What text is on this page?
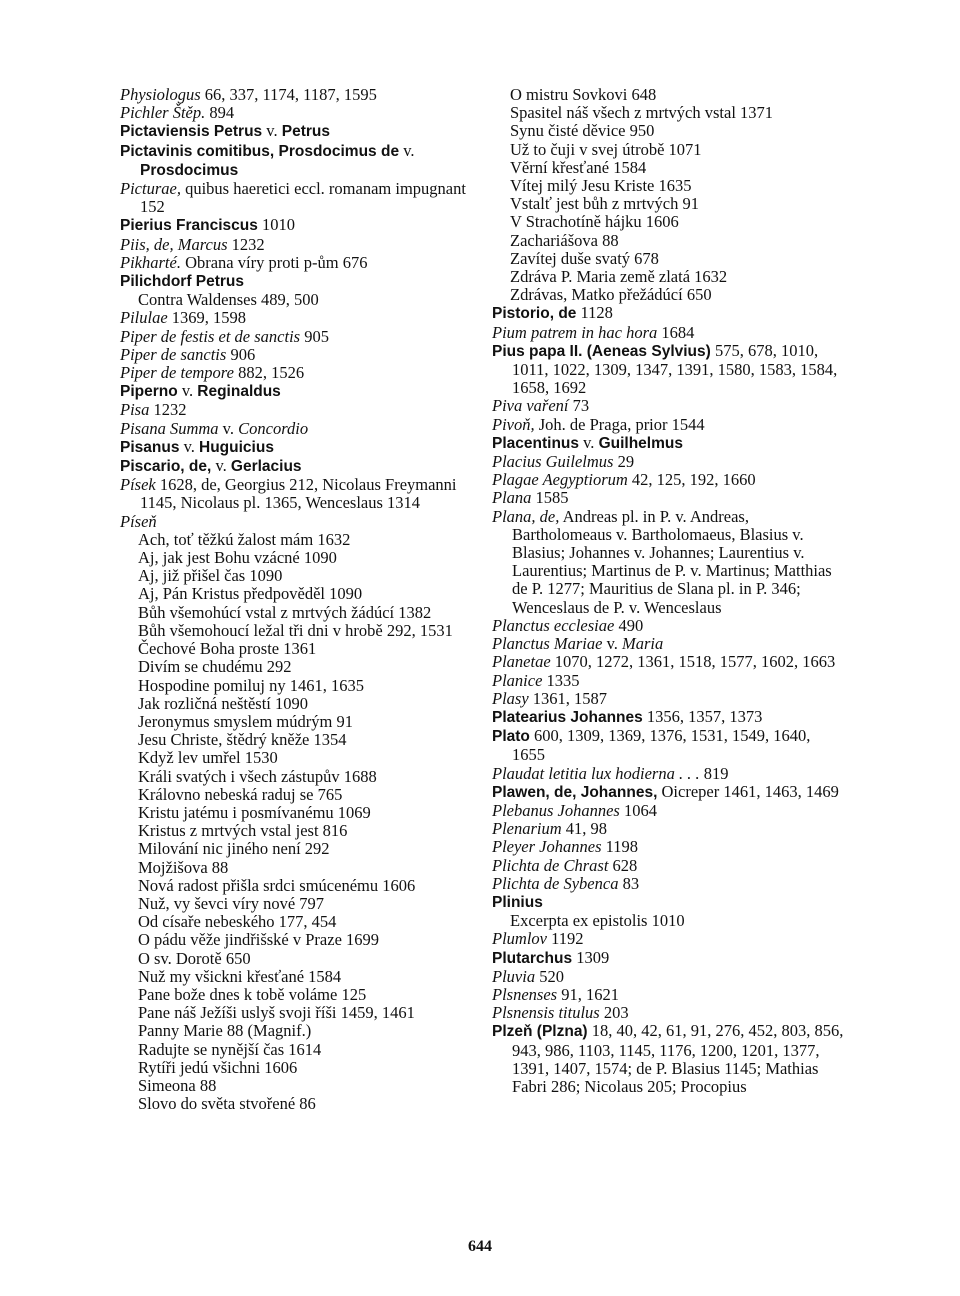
Physiologus 66, 337, 1174, 1187, 1595

Pichler Štěp. 894

Pictaviensis Petrus v. Petrus

Pictavinis comitibus, Prosdocimus de v. Prosdocimus

Picturae, quibus haeretici eccl. romanam impugnant 152

Pierius Franciscus 1010

Piis, de, Marcus 1232

Pikharté. Obrana víry proti p-ům 676

Pilichdorf Petrus

Contra Waldenses 489, 500

Pilulae 1369, 1598

Piper de festis et de sanctis 905

Piper de sanctis 906

Piper de tempore 882, 1526

Piperno v. Reginaldus

Pisa 1232

Pisana Summa v. Concordio

Pisanus v. Huguicius

Piscario, de, v. Gerlacius

Písek 1628, de, Georgius 212, Nicolaus Freymanni 1145, Nicolaus pl. 1365, Wenceslaus 1314

Píseň

Ach, toť těžkú žalost mám 1632

Aj, jak jest Bohu vzácné 1090

Aj, již přišel čas 1090

Aj, Pán Kristus předpověděl 1090

Bůh všemohúcí vstal z mrtvých žádúcí 1382

Bůh všemohoucí ležal tři dni v hrobě 292, 1531

Čechové Boha proste 1361

Divím se chudému 292

Hospodine pomiluj ny 1461, 1635

Jak rozličná neštěstí 1090

Jeronymus smyslem múdrým 91

Jesu Christe, štědrý kněže 1354

Když lev umřel 1530

Králi svatých i všech zástupův 1688

Královno nebeská raduj se 765

Kristu jatému i posmívanému 1069

Kristus z mrtvých vstal jest 816

Milování nic jiného není 292

Mojžišova 88

Nová radost přišla srdci smúcenému 1606

Nuž, vy ševci víry nové 797

Od císaře nebeského 177, 454

O pádu věže jindřišské v Praze 1699

O sv. Dorotě 650

Nuž my všickni křesťané 1584

Pane bože dnes k tobě voláme 125

Pane náš Ježíši uslyš svoji říši 1459, 1461

Panny Marie 88 (Magnif.)

Radujte se nynější čas 1614

Rytíři jedú všichni 1606

Simeona 88

Slovo do světa stvořené 86

O mistru Sovkovi 648

Spasitel náš všech z mrtvých vstal 1371

Synu čisté děvice 950

Už to čuji v svej útrobě 1071

Věrní křesťané 1584

Vítej milý Jesu Kriste 1635

Vstalť jest bůh z mrtvých 91

V Strachotíně hájku 1606

Zachariášova 88

Zavítej duše svatý 678

Zdráva P. Maria země zlatá 1632

Zdrávas, Matko přežádúcí 650

Pistorio, de 1128

Pium patrem in hac hora 1684

Pius papa II. (Aeneas Sylvius) 575, 678, 1010, 1011, 1022, 1309, 1347, 1391, 1580, 1583, 1584, 1658, 1692

Piva vaření 73

Pivoň, Joh. de Praga, prior 1544

Placentinus v. Guilhelmus

Placius Guilelmus 29

Plagae Aegyptiorum 42, 125, 192, 1660

Plana 1585

Plana, de, Andreas pl. in P. v. Andreas, Bartholomeaus v. Bartholomaeus, Blasius v. Blasius; Johannes v. Johannes; Laurentius v. Laurentius; Martinus de P. v. Martinus; Matthias de P. 1277; Mauritius de Slana pl. in P. 346; Wenceslaus de P. v. Wenceslaus

Planctus ecclesiae 490

Planctus Mariae v. Maria

Planetae 1070, 1272, 1361, 1518, 1577, 1602, 1663

Planice 1335

Plasy 1361, 1587

Platearius Johannes 1356, 1357, 1373

Plato 600, 1309, 1369, 1376, 1531, 1549, 1640, 1655

Plaudat letitia lux hodierna . . . 819

Plawen, de, Johannes, Oicreper 1461, 1463, 1469

Plebanus Johannes 1064

Plenarium 41, 98

Pleyer Johannes 1198

Plichta de Chrast 628

Plichta de Sybenca 83

Plinius

Excerpta ex epistolis 1010

Plumlov 1192

Plutarchus 1309

Pluvia 520

Plsnenses 91, 1621

Plsnensis titulus 203

Plzeň (Plzna) 18, 40, 42, 61, 91, 276, 452, 803, 856, 943, 986, 1103, 1145, 1176, 1200, 1201, 1377, 1391, 1407, 1574; de P. Blasius 1145; Mathias Fabri 286; Nicolaus 205; Procopius

644
